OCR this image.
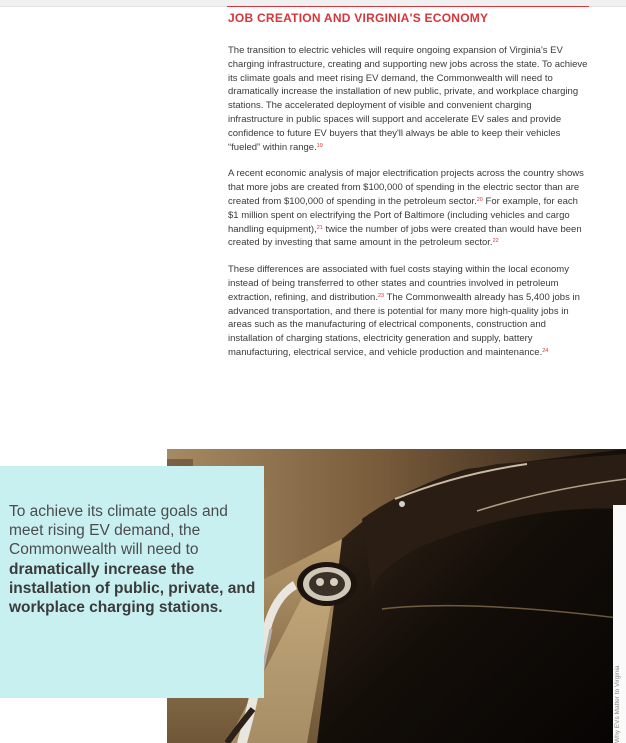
JOB CREATION AND VIRGINIA'S ECONOMY

The transition to electric vehicles will require ongoing expansion of Virginia's EV charging infrastructure, creating and supporting new jobs across the state. To achieve its climate goals and meet rising EV demand, the Commonwealth will need to dramatically increase the installation of new public, private, and workplace charging stations. The accelerated deployment of visible and convenient charging infrastructure in public spaces will support and accelerate EV sales and provide confidence to future EV buyers that they'll always be able to keep their vehicles “fueled” within range.$^{19}$

A recent economic analysis of major electrification projects across the country shows that more jobs are created from $100,000 of spending in the electric sector than are created from $100,000 of spending in the petroleum sector.$^{20}$ For example, for each $1 million spent on electrifying the Port of Baltimore (including vehicles and cargo handling equipment),$^{21}$ twice the number of jobs were created than would have been created by investing that same amount in the petroleum sector.$^{22}$

These differences are associated with fuel costs staying within the local economy instead of being transferred to other states and countries involved in petroleum extraction, refining, and distribution.$^{23}$ The Commonwealth already has 5,400 jobs in advanced transportation, and there is potential for many more high-quality jobs in areas such as the manufacturing of electrical components, construction and installation of charging stations, electricity generation and supply, battery manufacturing, electrical service, and vehicle production and maintenance.$^{24}$

To achieve its climate goals and meet rising EV demand, the Commonwealth will need to dramatically increase the installation of public, private, and workplace charging stations.

Why EVs Matter to Virginia
